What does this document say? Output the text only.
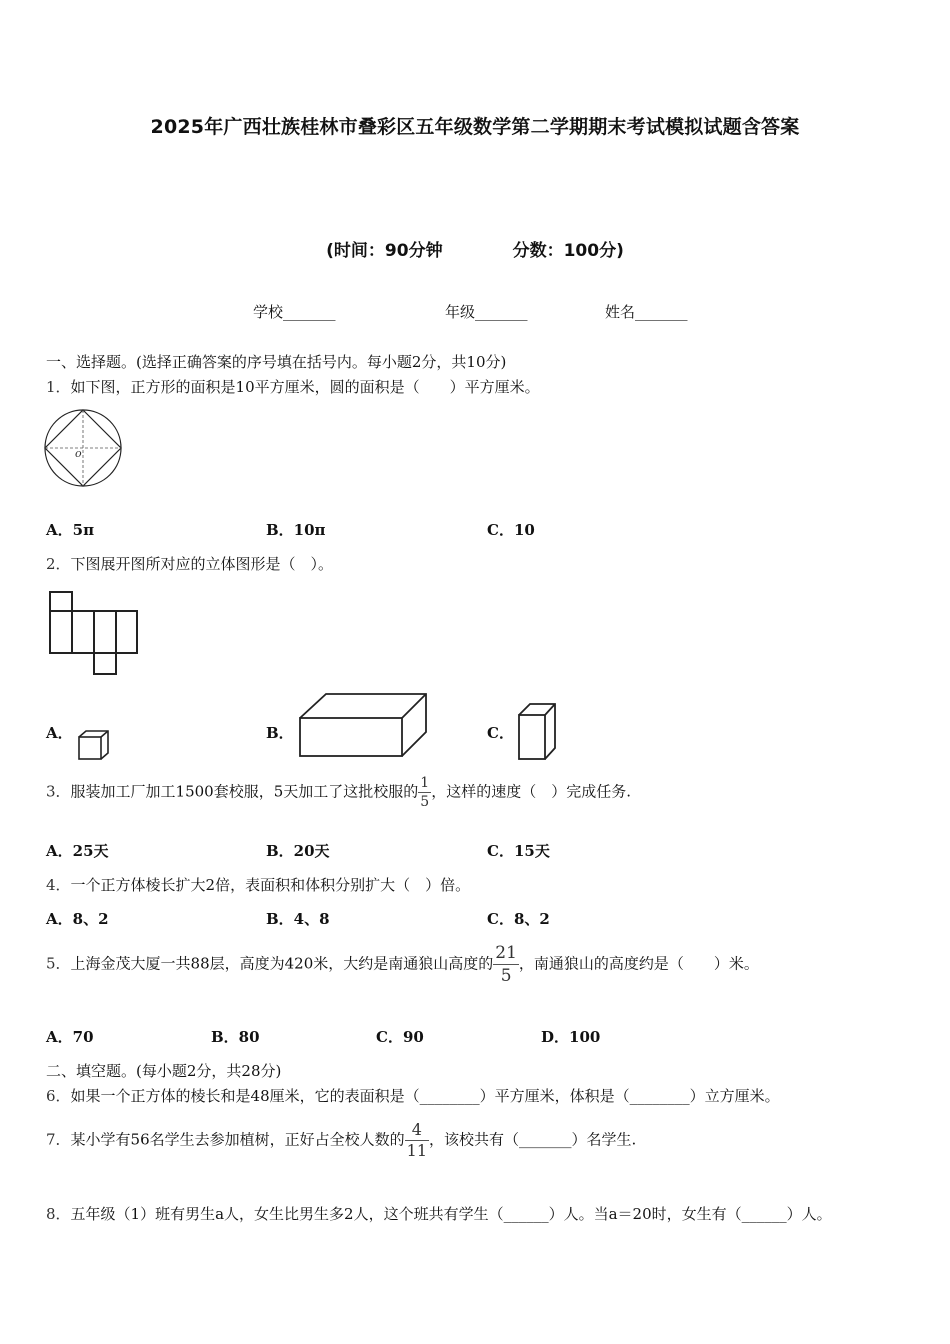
2025年广西壮族桂林市叠彩区五年级数学第二学期期末考试模拟试题含答案
(时间：90分钟	分数：100分)
学校_______	年级_______	姓名_______
一、选择题。(选择正确答案的序号填在括号内。每小题2分，共10分)
1．如下图，正方形的面积是10平方厘米，圆的面积是（　　）平方厘米。
o
A．5π	B．10π	C．10
2．下图展开图所对应的立体图形是（　）。
A．	B．	C．
3．服装加工厂加工1500套校服，5天加工了这批校服的 $\frac{1}{5}$ ，这样的速度（　）完成任务.
A．25天	B．20天	C．15天
4．一个正方体棱长扩大2倍，表面积和体积分别扩大（　）倍。
A．8、2	B．4、8	C．8、2
5．上海金茂大厦一共88层，高度为420米，大约是南通狼山高度的 $\frac{21}{5}$ ，南通狼山的高度约是（　　）米。
A．70	B．80	C．90	D．100
二、填空题。(每小题2分，共28分)
6．如果一个正方体的棱长和是48厘米，它的表面积是（________）平方厘米，体积是（________）立方厘米。
7．某小学有56名学生去参加植树，正好占全校人数的 $\frac{4}{11}$ ，该校共有（_______）名学生.
8．五年级（1）班有男生a人，女生比男生多2人，这个班共有学生（______）人。当a＝20时，女生有（______）人。
